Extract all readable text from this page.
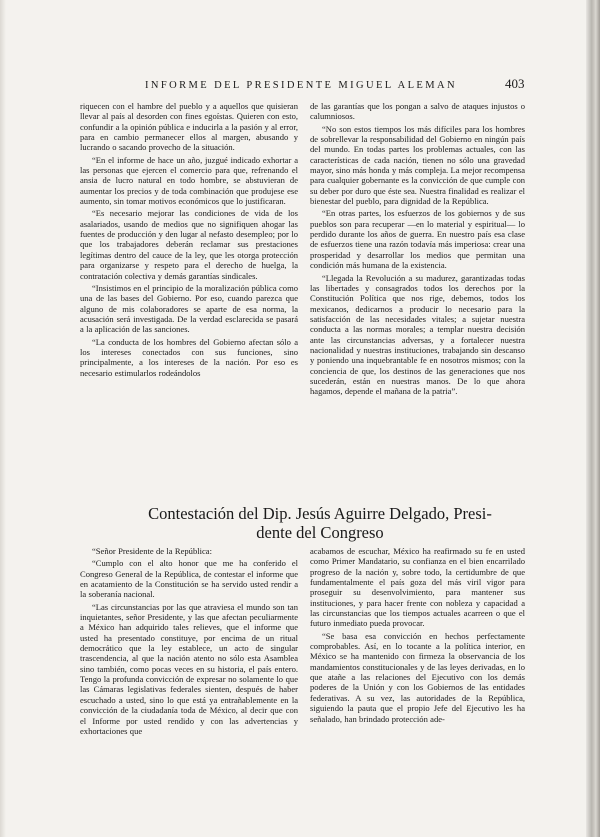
INFORME DEL PRESIDENTE MIGUEL ALEMAN	403

riquecen con el hambre del pueblo y a aquellos que quisieran llevar al país al desorden con fines egoístas. Quieren con esto, confundir a la opinión pública e inducirla a la pasión y al error, para en cambio permanecer ellos al margen, abusando y lucrando o sacando provecho de la situación.

“En el informe de hace un año, juzgué indicado exhortar a las personas que ejercen el comercio para que, refrenando el ansia de lucro natural en todo hombre, se abstuvieran de aumentar los precios y de toda combinación que produjese ese aumento, sin tomar motivos económicos que lo justificaran.

“Es necesario mejorar las condiciones de vida de los asalariados, usando de medios que no signifiquen ahogar las fuentes de producción y den lugar al nefasto desempleo; por lo que los trabajadores deberán reclamar sus prestaciones legítimas dentro del cauce de la ley, que les otorga protección para organizarse y respeto para el derecho de huelga, la contratación colectiva y demás garantías sindicales.

“Insistimos en el principio de la moralización pública como una de las bases del Gobierno. Por eso, cuando parezca que alguno de mis colaboradores se aparte de esa norma, la acusación será investigada. De la verdad esclarecida se pasará a la aplicación de las sanciones.

“La conducta de los hombres del Gobierno afectan sólo a los intereses conectados con sus funciones, sino principalmente, a los intereses de la nación. Por eso es necesario estimularlos rodeándolos

de las garantías que los pongan a salvo de ataques injustos o calumniosos.

“No son estos tiempos los más difíciles para los hombres de sobrellevar la responsabilidad del Gobierno en ningún país del mundo. En todas partes los problemas actuales, con las características de cada nación, tienen no sólo una gravedad mayor, sino más honda y más compleja. La mejor recompensa para cualquier gobernante es la convicción de que cumple con su deber por duro que éste sea. Nuestra finalidad es realizar el bienestar del pueblo, para dignidad de la República.

“En otras partes, los esfuerzos de los gobiernos y de sus pueblos son para recuperar —en lo material y espiritual— lo perdido durante los años de guerra. En nuestro país esa clase de esfuerzos tiene una razón todavía más imperiosa: crear una prosperidad y desarrollar los medios que permitan una condición más humana de la existencia.

“Llegada la Revolución a su madurez, garantizadas todas las libertades y consagrados todos los derechos por la Constitución Política que nos rige, debemos, todos los mexicanos, dedicarnos a producir lo necesario para la satisfacción de las necesidades vitales; a sujetar nuestra conducta a las normas morales; a templar nuestra decisión ante las circunstancias adversas, y a fortalecer nuestra nacionalidad y nuestras instituciones, trabajando sin descanso y poniendo una inquebrantable fe en nosotros mismos; con la conciencia de que, los destinos de las generaciones que nos sucederán, están en nuestras manos. De lo que ahora hagamos, depende el mañana de la patria”.

Contestación del Dip. Jesús Aguirre Delgado, Presi-
dente del Congreso

“Señor Presidente de la República:

“Cumplo con el alto honor que me ha conferido el Congreso General de la República, de contestar el informe que en acatamiento de la Constitución se ha servido usted rendir a la soberanía nacional.

“Las circunstancias por las que atraviesa el mundo son tan inquietantes, señor Presidente, y las que afectan peculiarmente a México han adquirido tales relieves, que el informe que usted ha presentado constituye, por encima de un ritual democrático que la ley establece, un acto de singular trascendencia, al que la nación atento no sólo esta Asamblea sino también, como pocas veces en su historia, el país entero. Tengo la profunda convicción de expresar no solamente lo que las Cámaras legislativas federales sienten, después de haber escuchado a usted, sino lo que está ya entrañablemente en la convicción de la ciudadanía toda de México, al decir que con el Informe por usted rendido y con las advertencias y exhortaciones que

acabamos de escuchar, México ha reafirmado su fe en usted como Primer Mandatario, su confianza en el bien encarrilado progreso de la nación y, sobre todo, la certidumbre de que fundamentalmente el país goza del más viril vigor para proseguir su desenvolvimiento, para mantener sus instituciones, y para hacer frente con nobleza y capacidad a las circunstancias que los tiempos actuales acarreen o que el futuro inmediato pueda provocar.

“Se basa esa convicción en hechos perfectamente comprobables. Así, en lo tocante a la política interior, en México se ha mantenido con firmeza la observancia de los mandamientos constitucionales y de las leyes derivadas, en lo que atañe a las relaciones del Ejecutivo con los demás poderes de la Unión y con los Gobiernos de las entidades federativas. A su vez, las autoridades de la República, siguiendo la pauta que el propio Jefe del Ejecutivo les ha señalado, han brindado protección ade-
